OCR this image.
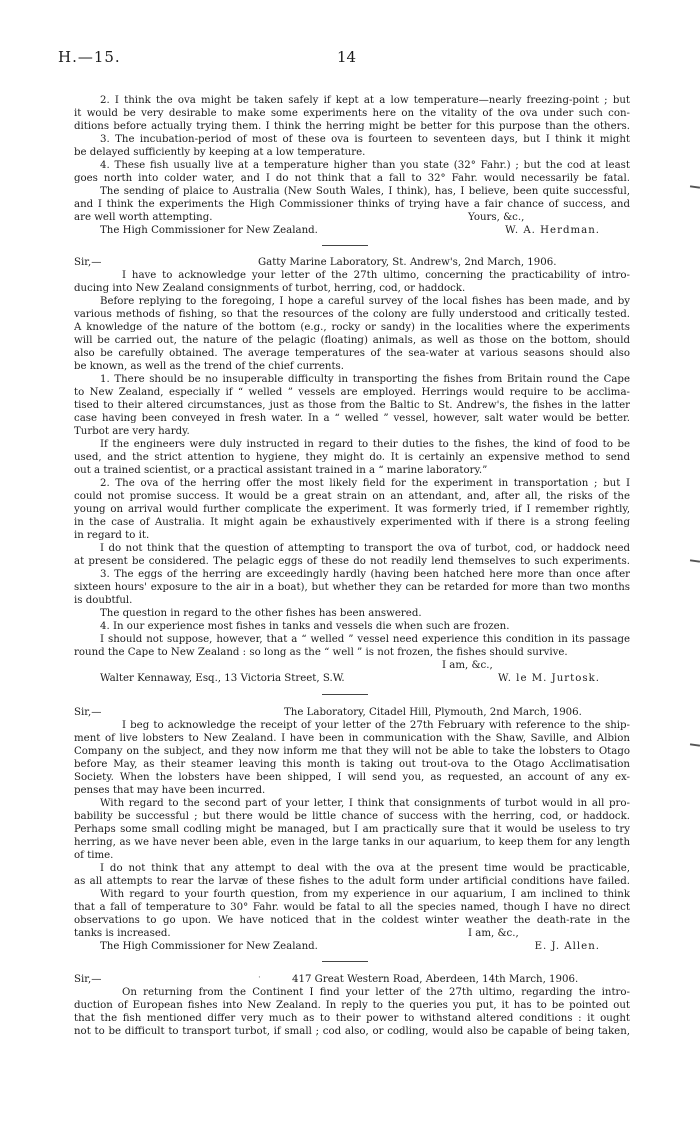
H.—15.	14
2. I think the ova might be taken safely if kept at a low temperature—nearly freezing-point ; but
it would be very desirable to make some experiments here on the vitality of the ova under such con-
ditions before actually trying them. I think the herring might be better for this purpose than the others.
3. The incubation-period of most of these ova is fourteen to seventeen days, but I think it might
be delayed sufficiently by keeping at a low temperature.
4. These fish usually live at a temperature higher than you state (32° Fahr.) ; but the cod at least
goes north into colder water, and I do not think that a fall to 32° Fahr. would necessarily be fatal.
The sending of plaice to Australia (New South Wales, I think), has, I believe, been quite successful,
and I think the experiments the High Commissioner thinks of trying have a fair chance of success, and
are well worth attempting.	Yours, &c.,
The High Commissioner for New Zealand.	W. A. Herdman.
Sir,—	Gatty Marine Laboratory, St. Andrew's, 2nd March, 1906.
I have to acknowledge your letter of the 27th ultimo, concerning the practicability of intro-
ducing into New Zealand consignments of turbot, herring, cod, or haddock.
Before replying to the foregoing, I hope a careful survey of the local fishes has been made, and by
various methods of fishing, so that the resources of the colony are fully understood and critically tested.
A knowledge of the nature of the bottom (e.g., rocky or sandy) in the localities where the experiments
will be carried out, the nature of the pelagic (floating) animals, as well as those on the bottom, should
also be carefully obtained. The average temperatures of the sea-water at various seasons should also
be known, as well as the trend of the chief currents.
1. There should be no insuperable difficulty in transporting the fishes from Britain round the Cape
to New Zealand, especially if “ welled ” vessels are employed. Herrings would require to be acclima-
tised to their altered circumstances, just as those from the Baltic to St. Andrew's, the fishes in the latter
case having been conveyed in fresh water. In a “ welled ” vessel, however, salt water would be better.
Turbot are very hardy.
If the engineers were duly instructed in regard to their duties to the fishes, the kind of food to be
used, and the strict attention to hygiene, they might do. It is certainly an expensive method to send
out a trained scientist, or a practical assistant trained in a “ marine laboratory.”
2. The ova of the herring offer the most likely field for the experiment in transportation ; but I
could not promise success. It would be a great strain on an attendant, and, after all, the risks of the
young on arrival would further complicate the experiment. It was formerly tried, if I remember rightly,
in the case of Australia. It might again be exhaustively experimented with if there is a strong feeling
in regard to it.
I do not think that the question of attempting to transport the ova of turbot, cod, or haddock need
at present be considered. The pelagic eggs of these do not readily lend themselves to such experiments.
3. The eggs of the herring are exceedingly hardly (having been hatched here more than once after
sixteen hours' exposure to the air in a boat), but whether they can be retarded for more than two months
is doubtful.
The question in regard to the other fishes has been answered.
4. In our experience most fishes in tanks and vessels die when such are frozen.
I should not suppose, however, that a “ welled ” vessel need experience this condition in its passage
round the Cape to New Zealand : so long as the “ well ” is not frozen, the fishes should survive.
I am, &c.,
Walter Kennaway, Esq., 13 Victoria Street, S.W.	W. le M. Jurtosk.
Sir,—	The Laboratory, Citadel Hill, Plymouth, 2nd March, 1906.
I beg to acknowledge the receipt of your letter of the 27th February with reference to the ship-
ment of live lobsters to New Zealand. I have been in communication with the Shaw, Saville, and Albion
Company on the subject, and they now inform me that they will not be able to take the lobsters to Otago
before May, as their steamer leaving this month is taking out trout-ova to the Otago Acclimatisation
Society. When the lobsters have been shipped, I will send you, as requested, an account of any ex-
penses that may have been incurred.
With regard to the second part of your letter, I think that consignments of turbot would in all pro-
bability be successful ; but there would be little chance of success with the herring, cod, or haddock.
Perhaps some small codling might be managed, but I am practically sure that it would be useless to try
herring, as we have never been able, even in the large tanks in our aquarium, to keep them for any length
of time.
I do not think that any attempt to deal with the ova at the present time would be practicable,
as all attempts to rear the larvæ of these fishes to the adult form under artificial conditions have failed.
With regard to your fourth question, from my experience in our aquarium, I am inclined to think
that a fall of temperature to 30° Fahr. would be fatal to all the species named, though I have no direct
observations to go upon. We have noticed that in the coldest winter weather the death-rate in the
tanks is increased.	I am, &c.,
The High Commissioner for New Zealand.	E. J. Allen.
Sir,—	·	417 Great Western Road, Aberdeen, 14th March, 1906.
On returning from the Continent I find your letter of the 27th ultimo, regarding the intro-
duction of European fishes into New Zealand. In reply to the queries you put, it has to be pointed out
that the fish mentioned differ very much as to their power to withstand altered conditions : it ought
not to be difficult to transport turbot, if small ; cod also, or codling, would also be capable of being taken,
